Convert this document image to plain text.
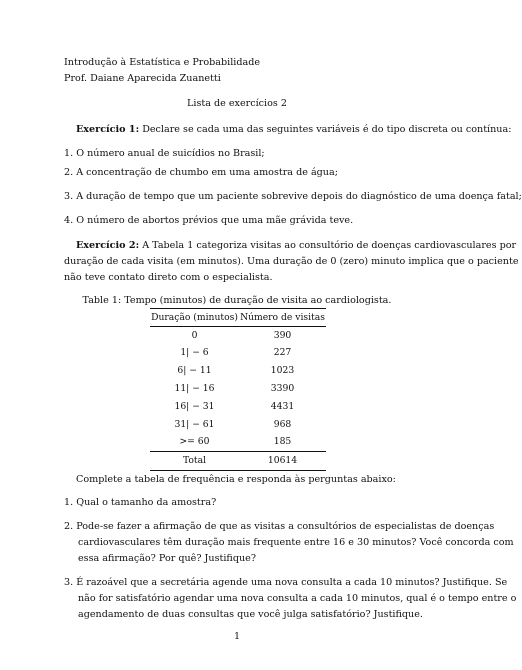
Introdução à Estatística e Probabilidade
Prof. Daiane Aparecida Zuanetti
Lista de exercícios 2
Exercício 1: Declare se cada uma das seguintes variáveis é do tipo discreta ou contínua:
1. O número anual de suicídios no Brasil;
2. A concentração de chumbo em uma amostra de água;
3. A duração de tempo que um paciente sobrevive depois do diagnóstico de uma doença fatal;
4. O número de abortos prévios que uma mãe grávida teve.
Exercício 2: A Tabela 1 categoriza visitas ao consultório de doenças cardiovasculares por
duração de cada visita (em minutos). Uma duração de 0 (zero) minuto implica que o paciente
não teve contato direto com o especialista.
Table 1: Tempo (minutos) de duração de visita ao cardiologista.
Duração (minutos)	Número de visitas
0	390
1| − 6	227
6| − 11	1023
11| − 16	3390
16| − 31	4431
31| − 61	968
>= 60	185
Total	10614
Complete a tabela de frequência e responda às perguntas abaixo:
1. Qual o tamanho da amostra?
2. Pode-se fazer a afirmação de que as visitas a consultórios de especialistas de doenças
cardiovasculares têm duração mais frequente entre 16 e 30 minutos? Você concorda com
essa afirmação? Por quê? Justifique?
3. É razoável que a secretária agende uma nova consulta a cada 10 minutos? Justifique. Se
não for satisfatório agendar uma nova consulta a cada 10 minutos, qual é o tempo entre o
agendamento de duas consultas que você julga satisfatório? Justifique.
1
